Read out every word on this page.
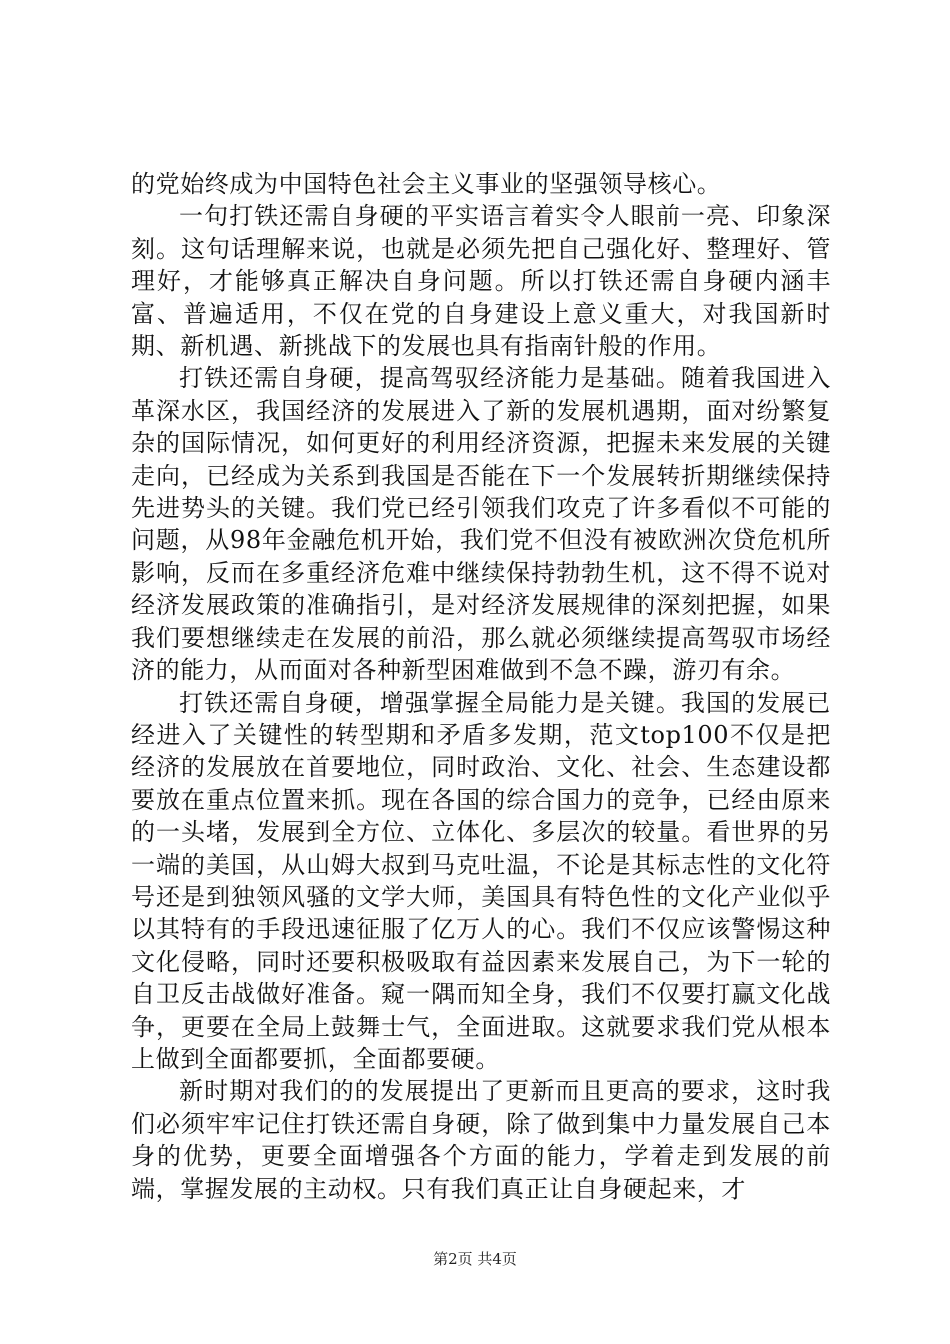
的党始终成为中国特色社会主义事业的坚强领导核心。

一句打铁还需自身硬的平实语言着实令人眼前一亮、印象深刻。这句话理解来说，也就是必须先把自己强化好、整理好、管理好，才能够真正解决自身问题。所以打铁还需自身硬内涵丰富、普遍适用，不仅在党的自身建设上意义重大，对我国新时期、新机遇、新挑战下的发展也具有指南针般的作用。

打铁还需自身硬，提高驾驭经济能力是基础。随着我国进入革深水区，我国经济的发展进入了新的发展机遇期，面对纷繁复杂的国际情况，如何更好的利用经济资源，把握未来发展的关键走向，已经成为关系到我国是否能在下一个发展转折期继续保持先进势头的关键。我们党已经引领我们攻克了许多看似不可能的问题，从98年金融危机开始，我们党不但没有被欧洲次贷危机所影响，反而在多重经济危难中继续保持勃勃生机，这不得不说对经济发展政策的准确指引，是对经济发展规律的深刻把握，如果我们要想继续走在发展的前沿，那么就必须继续提高驾驭市场经济的能力，从而面对各种新型困难做到不急不躁，游刃有余。

打铁还需自身硬，增强掌握全局能力是关键。我国的发展已经进入了关键性的转型期和矛盾多发期，范文top100不仅是把经济的发展放在首要地位，同时政治、文化、社会、生态建设都要放在重点位置来抓。现在各国的综合国力的竞争，已经由原来的一头堵，发展到全方位、立体化、多层次的较量。看世界的另一端的美国，从山姆大叔到马克吐温，不论是其标志性的文化符号还是到独领风骚的文学大师，美国具有特色性的文化产业似乎以其特有的手段迅速征服了亿万人的心。我们不仅应该警惕这种文化侵略，同时还要积极吸取有益因素来发展自己，为下一轮的自卫反击战做好准备。窥一隅而知全身，我们不仅要打赢文化战争，更要在全局上鼓舞士气，全面进取。这就要求我们党从根本上做到全面都要抓，全面都要硬。

新时期对我们的的发展提出了更新而且更高的要求，这时我们必须牢牢记住打铁还需自身硬，除了做到集中力量发展自己本身的优势，更要全面增强各个方面的能力，学着走到发展的前端，掌握发展的主动权。只有我们真正让自身硬起来，才

第2页 共4页
